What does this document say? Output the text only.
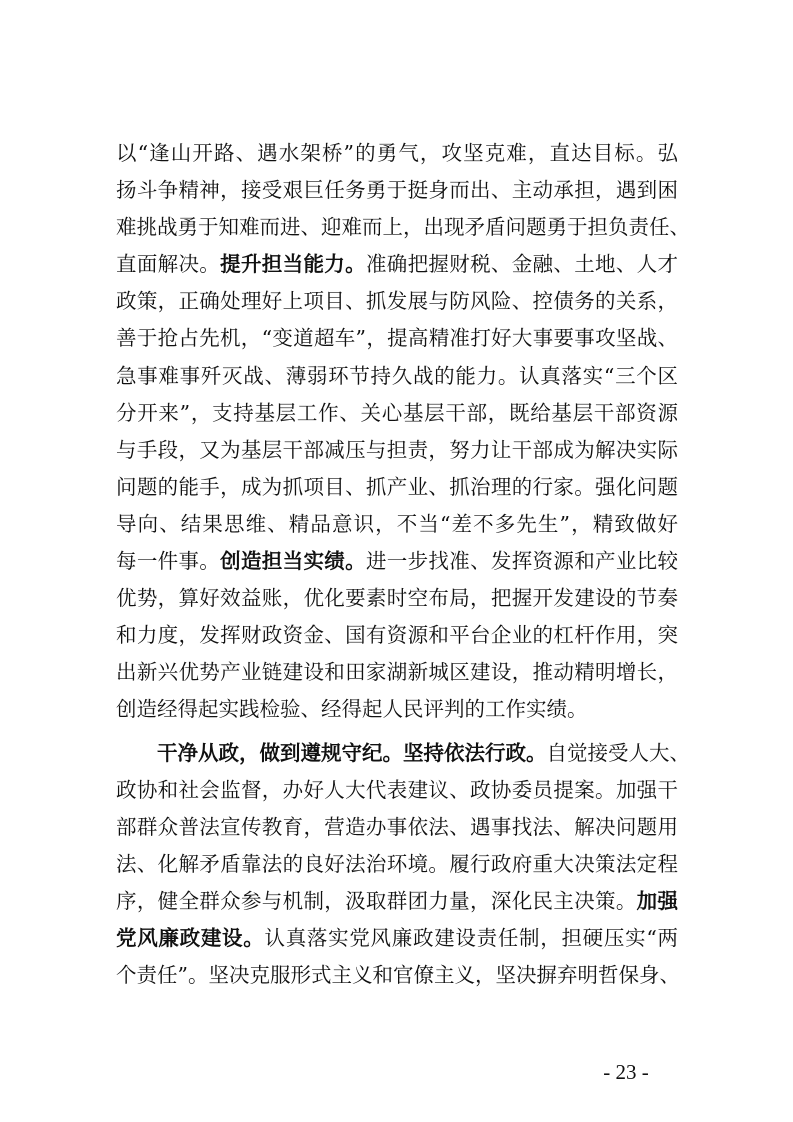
以“逢山开路、遇水架桥”的勇气，攻坚克难，直达目标。弘
扬斗争精神，接受艰巨任务勇于挺身而出、主动承担，遇到困
难挑战勇于知难而进、迎难而上，出现矛盾问题勇于担负责任、
直面解决。提升担当能力。准确把握财税、金融、土地、人才
政策，正确处理好上项目、抓发展与防风险、控债务的关系，
善于抢占先机，“变道超车”，提高精准打好大事要事攻坚战、
急事难事歼灭战、薄弱环节持久战的能力。认真落实“三个区
分开来”，支持基层工作、关心基层干部，既给基层干部资源
与手段，又为基层干部减压与担责，努力让干部成为解决实际
问题的能手，成为抓项目、抓产业、抓治理的行家。强化问题
导向、结果思维、精品意识，不当“差不多先生”，精致做好
每一件事。创造担当实绩。进一步找准、发挥资源和产业比较
优势，算好效益账，优化要素时空布局，把握开发建设的节奏
和力度，发挥财政资金、国有资源和平台企业的杠杆作用，突
出新兴优势产业链建设和田家湖新城区建设，推动精明增长，
创造经得起实践检验、经得起人民评判的工作实绩。
干净从政，做到遵规守纪。坚持依法行政。自觉接受人大、
政协和社会监督，办好人大代表建议、政协委员提案。加强干
部群众普法宣传教育，营造办事依法、遇事找法、解决问题用
法、化解矛盾靠法的良好法治环境。履行政府重大决策法定程
序，健全群众参与机制，汲取群团力量，深化民主决策。加强
党风廉政建设。认真落实党风廉政建设责任制，担硬压实“两
个责任”。坚决克服形式主义和官僚主义，坚决摒弃明哲保身、
- 23 -
